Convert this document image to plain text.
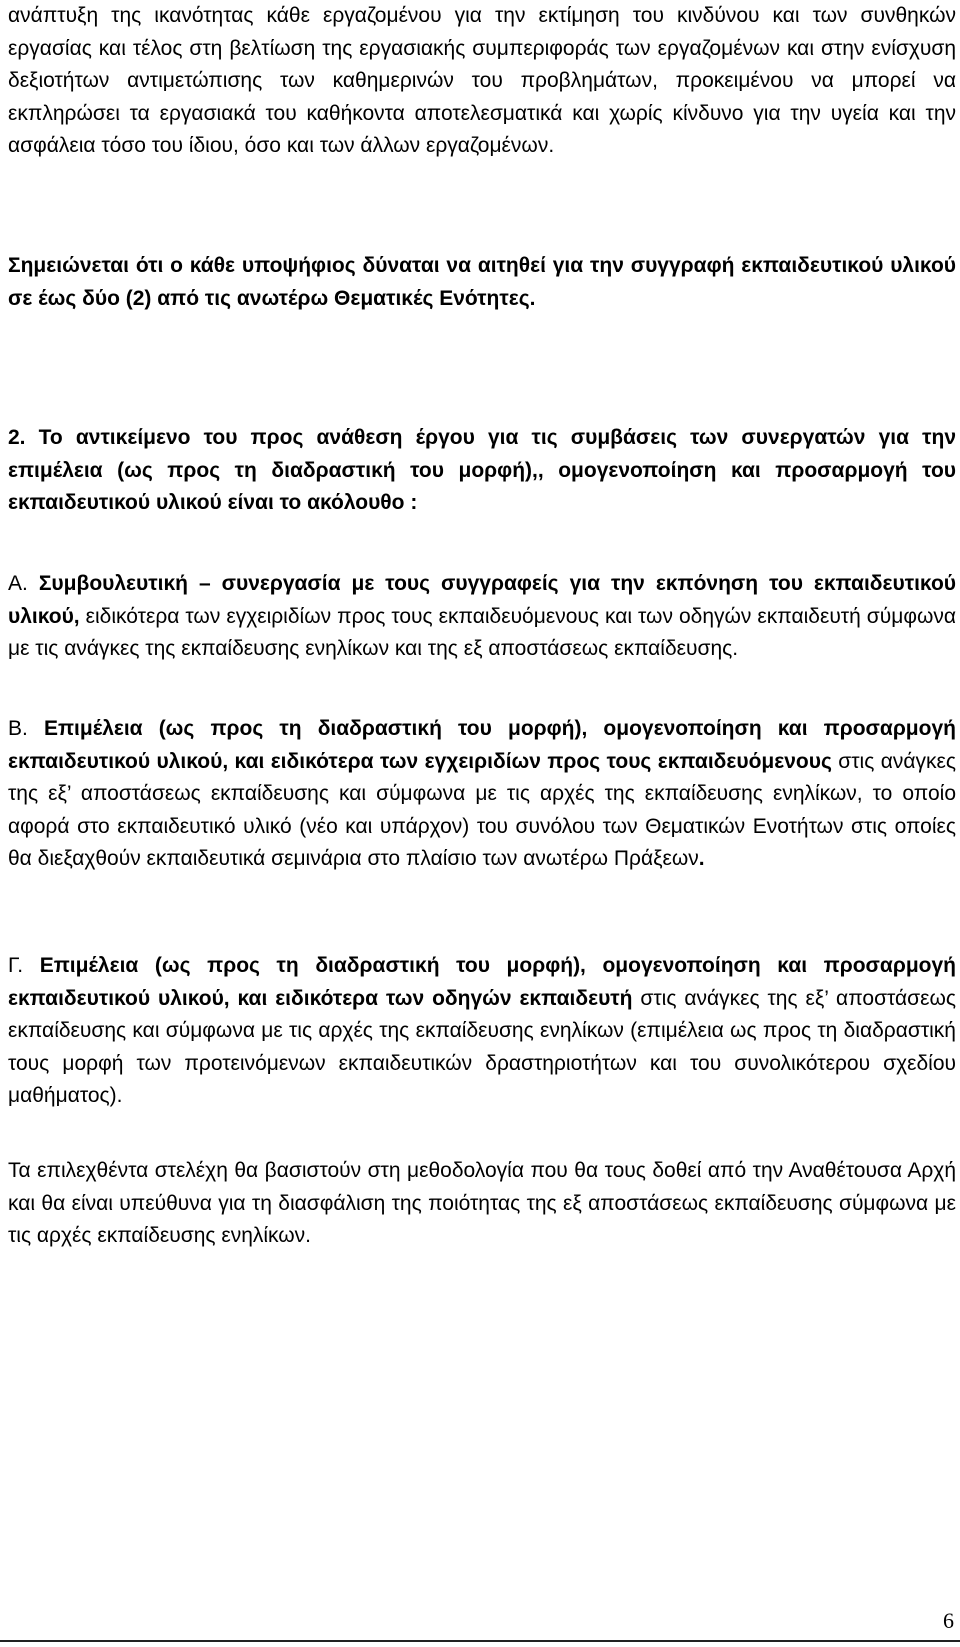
ανάπτυξη της ικανότητας κάθε εργαζομένου για την εκτίμηση του κινδύνου και των συνθηκών εργασίας και τέλος στη βελτίωση της εργασιακής συμπεριφοράς των εργαζομένων και στην ενίσχυση δεξιοτήτων αντιμετώπισης των καθημερινών του προβλημάτων, προκειμένου να μπορεί να εκπληρώσει τα εργασιακά του καθήκοντα αποτελεσματικά και χωρίς κίνδυνο για την υγεία και την ασφάλεια τόσο του ίδιου, όσο και των άλλων εργαζομένων.

Σημειώνεται ότι ο κάθε υποψήφιος δύναται να αιτηθεί για την συγγραφή εκπαιδευτικού υλικού σε έως δύο (2) από τις ανωτέρω Θεματικές Ενότητες.

2. Το αντικείμενο του προς ανάθεση έργου για τις συμβάσεις των συνεργατών για την επιμέλεια (ως προς τη διαδραστική του μορφή),, ομογενοποίηση και προσαρμογή του εκπαιδευτικού υλικού είναι το ακόλουθο :

Α. Συμβουλευτική – συνεργασία με τους συγγραφείς για την εκπόνηση του εκπαιδευτικού υλικού, ειδικότερα των εγχειριδίων προς τους εκπαιδευόμενους και των οδηγών εκπαιδευτή σύμφωνα με τις ανάγκες της εκπαίδευσης ενηλίκων και της εξ αποστάσεως εκπαίδευσης.

Β. Επιμέλεια (ως προς τη διαδραστική του μορφή), ομογενοποίηση και προσαρμογή εκπαιδευτικού υλικού, και ειδικότερα των εγχειριδίων προς τους εκπαιδευόμενους στις ανάγκες της εξ’ αποστάσεως εκπαίδευσης και σύμφωνα με τις αρχές της εκπαίδευσης ενηλίκων, το οποίο αφορά στο εκπαιδευτικό υλικό (νέο και υπάρχον) του συνόλου των Θεματικών Ενοτήτων στις οποίες θα διεξαχθούν εκπαιδευτικά σεμινάρια στο πλαίσιο των ανωτέρω Πράξεων.

Γ. Επιμέλεια (ως προς τη διαδραστική του μορφή), ομογενοποίηση και προσαρμογή εκπαιδευτικού υλικού, και ειδικότερα των οδηγών εκπαιδευτή στις ανάγκες της εξ’ αποστάσεως εκπαίδευσης και σύμφωνα με τις αρχές της εκπαίδευσης ενηλίκων (επιμέλεια ως προς τη διαδραστική τους μορφή των προτεινόμενων εκπαιδευτικών δραστηριοτήτων και του συνολικότερου σχεδίου μαθήματος).

Τα επιλεχθέντα στελέχη θα βασιστούν στη μεθοδολογία που θα τους δοθεί από την Αναθέτουσα Αρχή και θα είναι υπεύθυνα για τη διασφάλιση της ποιότητας της εξ αποστάσεως εκπαίδευσης σύμφωνα με τις αρχές εκπαίδευσης ενηλίκων.

6
